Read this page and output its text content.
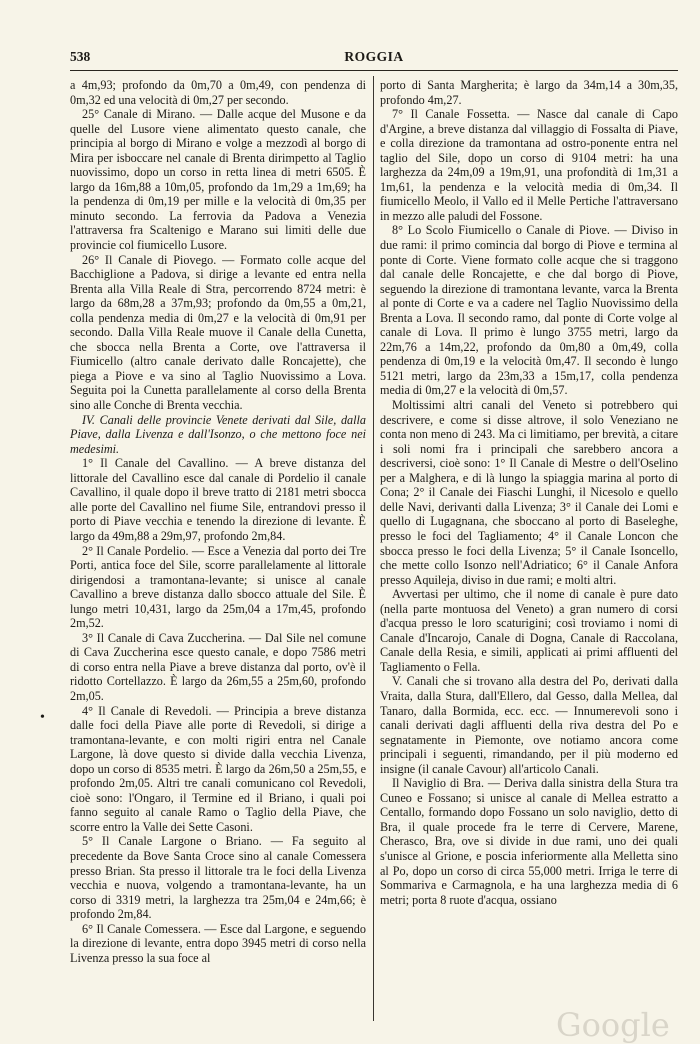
538	ROGGIA

a 4m,93; profondo da 0m,70 a 0m,49, con pendenza di 0m,32 ed una velocità di 0m,27 per secondo.

25° Canale di Mirano. — Dalle acque del Musone e da quelle del Lusore viene alimentato questo canale, che principia al borgo di Mirano e volge a mezzodì al borgo di Mira per isboccare nel canale di Brenta dirimpetto al Taglio nuovissimo, dopo un corso in retta linea di metri 6505. È largo da 16m,88 a 10m,05, profondo da 1m,29 a 1m,69; ha la pendenza di 0m,19 per mille e la velocità di 0m,35 per minuto secondo. La ferrovia da Padova a Venezia l'attraversa fra Scaltenigo e Marano sui limiti delle due provincie col fiumicello Lusore.

26° Il Canale di Piovego. — Formato colle acque del Bacchiglione a Padova, si dirige a levante ed entra nella Brenta alla Villa Reale di Stra, percorrendo 8724 metri: è largo da 68m,28 a 37m,93; profondo da 0m,55 a 0m,21, colla pendenza media di 0m,27 e la velocità di 0m,91 per secondo. Dalla Villa Reale muove il Canale della Cunetta, che sbocca nella Brenta a Corte, ove l'attraversa il Fiumicello (altro canale derivato dalle Roncajette), che piega a Piove e va sino al Taglio Nuovissimo a Lova. Seguita poi la Cunetta parallelamente al corso della Brenta sino alle Conche di Brenta vecchia.

IV. Canali delle provincie Venete derivati dal Sile, dalla Piave, dalla Livenza e dall'Isonzo, o che mettono foce nei medesimi.

1° Il Canale del Cavallino. — A breve distanza del littorale del Cavallino esce dal canale di Pordelio il canale Cavallino, il quale dopo il breve tratto di 2181 metri sbocca alle porte del Cavallino nel fiume Sile, entrandovi presso il porto di Piave vecchia e tenendo la direzione di levante. È largo da 49m,88 a 29m,97, profondo 2m,84.

2° Il Canale Pordelio. — Esce a Venezia dal porto dei Tre Porti, antica foce del Sile, scorre parallelamente al littorale dirigendosi a tramontana-levante; si unisce al canale Cavallino a breve distanza dallo sbocco attuale del Sile. È lungo metri 10,431, largo da 25m,04 a 17m,45, profondo 2m,52.

3° Il Canale di Cava Zuccherina. — Dal Sile nel comune di Cava Zuccherina esce questo canale, e dopo 7586 metri di corso entra nella Piave a breve distanza dal porto, ov'è il ridotto Cortellazzo. È largo da 26m,55 a 25m,60, profondo 2m,05.

4° Il Canale di Revedoli. — Principia a breve distanza dalle foci della Piave alle porte di Revedoli, si dirige a tramontana-levante, e con molti rigiri entra nel Canale Largone, là dove questo si divide dalla vecchia Livenza, dopo un corso di 8535 metri. È largo da 26m,50 a 25m,55, e profondo 2m,05. Altri tre canali comunicano col Revedoli, cioè sono: l'Ongaro, il Termine ed il Briano, i quali poi fanno seguito al canale Ramo o Taglio della Piave, che scorre entro la Valle dei Sette Casoni.

5° Il Canale Largone o Briano. — Fa seguito al precedente da Bove Santa Croce sino al canale Comessera presso Brian. Sta presso il littorale tra le foci della Livenza vecchia e nuova, volgendo a tramontana-levante, ha un corso di 3319 metri, la larghezza tra 25m,04 e 24m,66; è profondo 2m,84.

6° Il Canale Comessera. — Esce dal Largone, e seguendo la direzione di levante, entra dopo 3945 metri di corso nella Livenza presso la sua foce al

porto di Santa Margherita; è largo da 34m,14 a 30m,35, profondo 4m,27.

7° Il Canale Fossetta. — Nasce dal canale di Capo d'Argine, a breve distanza dal villaggio di Fossalta di Piave, e colla direzione da tramontana ad ostro-ponente entra nel taglio del Sile, dopo un corso di 9104 metri: ha una larghezza da 24m,09 a 19m,91, una profondità di 1m,31 a 1m,61, la pendenza e la velocità media di 0m,34. Il fiumicello Meolo, il Vallo ed il Melle Pertiche l'attraversano in mezzo alle paludi del Fossone.

8° Lo Scolo Fiumicello o Canale di Piove. — Diviso in due rami: il primo comincia dal borgo di Piove e termina al ponte di Corte. Viene formato colle acque che si traggono dal canale delle Roncajette, e che dal borgo di Piove, seguendo la direzione di tramontana levante, varca la Brenta al ponte di Corte e va a cadere nel Taglio Nuovissimo della Brenta a Lova. Il secondo ramo, dal ponte di Corte volge al canale di Lova. Il primo è lungo 3755 metri, largo da 22m,76 a 14m,22, profondo da 0m,80 a 0m,49, colla pendenza di 0m,19 e la velocità 0m,47. Il secondo è lungo 5121 metri, largo da 23m,33 a 15m,17, colla pendenza media di 0m,27 e la velocità di 0m,57.

Moltissimi altri canali del Veneto si potrebbero qui descrivere, e come si disse altrove, il solo Veneziano ne conta non meno di 243. Ma ci limitiamo, per brevità, a citare i soli nomi fra i principali che sarebbero ancora a descriversi, cioè sono: 1° Il Canale di Mestre o dell'Oselino per a Malghera, e di là lungo la spiaggia marina al porto di Cona; 2° il Canale dei Fiaschi Lunghi, il Nicesolo e quello delle Navi, derivanti dalla Livenza; 3° il Canale dei Lomi e quello di Lugagnana, che sboccano al porto di Baseleghe, presso le foci del Tagliamento; 4° il Canale Loncon che sbocca presso le foci della Livenza; 5° il Canale Isoncello, che mette collo Isonzo nell'Adriatico; 6° il Canale Anfora presso Aquileja, diviso in due rami; e molti altri.

Avvertasi per ultimo, che il nome di canale è pure dato (nella parte montuosa del Veneto) a gran numero di corsi d'acqua presso le loro scaturigini; così troviamo i nomi di Canale d'Incarojo, Canale di Dogna, Canale di Raccolana, Canale della Resia, e simili, applicati ai primi affluenti del Tagliamento o Fella.

V. Canali che si trovano alla destra del Po, derivati dalla Vraita, dalla Stura, dall'Ellero, dal Gesso, dalla Mellea, dal Tanaro, dalla Bormida, ecc. ecc. — Innumerevoli sono i canali derivati dagli affluenti della riva destra del Po e segnatamente in Piemonte, ove notiamo ancora come principali i seguenti, rimandando, per il più moderno ed insigne (il canale Cavour) all'articolo Canali.

Il Naviglio di Bra. — Deriva dalla sinistra della Stura tra Cuneo e Fossano; si unisce al canale di Mellea estratto a Centallo, formando dopo Fossano un solo naviglio, detto di Bra, il quale procede fra le terre di Cervere, Marene, Cherasco, Bra, ove si divide in due rami, uno dei quali s'unisce al Grione, e poscia inferiormente alla Melletta sino al Po, dopo un corso di circa 55,000 metri. Irriga le terre di Sommariva e Carmagnola, e ha una larghezza media di 6 metri; porta 8 ruote d'acqua, ossiano

•
Google
